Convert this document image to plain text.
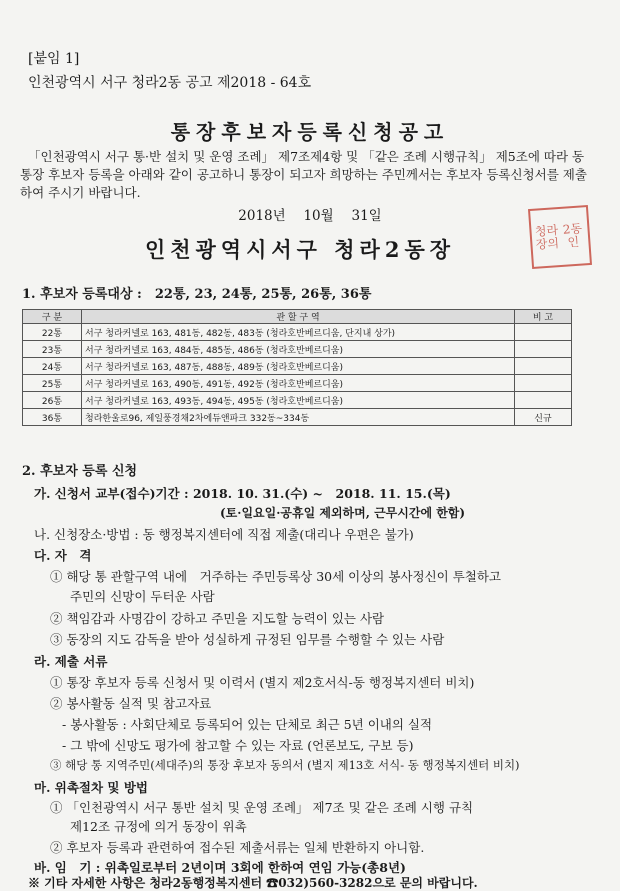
[붙임 1]
인천광역시 서구 청라2동 공고 제2018 - 64호
통장후보자등록신청공고
「인천광역시 서구 통·반 설치 및 운영 조례」 제7조제4항 및 「같은 조례 시행규칙」 제5조에 따라 동 통장 후보자 등록을 아래와 같이 공고하니 통장이 되고자 희망하는 주민께서는 후보자 등록신청서를 제출하여 주시기 바랍니다.
2018년　 10월　 31일
인천광역시서구 청라2동장
청라 2동
장의 인
1. 후보자 등록대상 :　22통, 23, 24통, 25통, 26통, 36통
구 분	관 할 구 역	비 고
22통	서구 청라커넬로 163, 481동, 482동, 483동 (청라호반베르디움, 단지내 상가)	
23통	서구 청라커넬로 163, 484동, 485동, 486동 (청라호반베르디움)	
24통	서구 청라커넬로 163, 487동, 488동, 489동 (청라호반베르디움)	
25통	서구 청라커넬로 163, 490동, 491동, 492동 (청라호반베르디움)	
26통	서구 청라커넬로 163, 493동, 494동, 495동 (청라호반베르디움)	
36통	청라한울로96, 제일풍경채2차에듀앤파크 332동~334동	신규
2. 후보자 등록 신청
가. 신청서 교부(접수)기간 : 2018. 10. 31.(수) ~　2018. 11. 15.(목)
(토·일요일·공휴일 제외하며, 근무시간에 한함)
나. 신청장소·방법 : 동 행정복지센터에 직접 제출(대리나 우편은 불가)
다. 자　격
① 해당 통 관할구역 내에　거주하는 주민등록상 30세 이상의 봉사정신이 투철하고
주민의 신망이 두터운 사람
② 책임감과 사명감이 강하고 주민을 지도할 능력이 있는 사람
③ 동장의 지도 감독을 받아 성실하게 규정된 임무를 수행할 수 있는 사람
라. 제출 서류
① 통장 후보자 등록 신청서 및 이력서 (별지 제2호서식-동 행정복지센터 비치)
② 봉사활동 실적 및 참고자료
- 봉사활동 : 사회단체로 등록되어 있는 단체로 최근 5년 이내의 실적
- 그 밖에 신망도 평가에 참고할 수 있는 자료 (언론보도, 구보 등)
③ 해당 통 지역주민(세대주)의 통장 후보자 동의서 (별지 제13호 서식- 동 행정복지센터 비치)
마. 위촉절차 및 방법
① 「인천광역시 서구 통반 설치 및 운영 조례」 제7조 및 같은 조례 시행 규칙
제12조 규정에 의거 동장이 위촉
② 후보자 등록과 관련하여 접수된 제출서류는 일체 반환하지 아니함.
바. 임　기 : 위촉일로부터 2년이며 3회에 한하여 연임 가능(총8년)
※ 기타 자세한 사항은 청라2동행정복지센터 ☎032)560-3282으로 문의 바랍니다.
